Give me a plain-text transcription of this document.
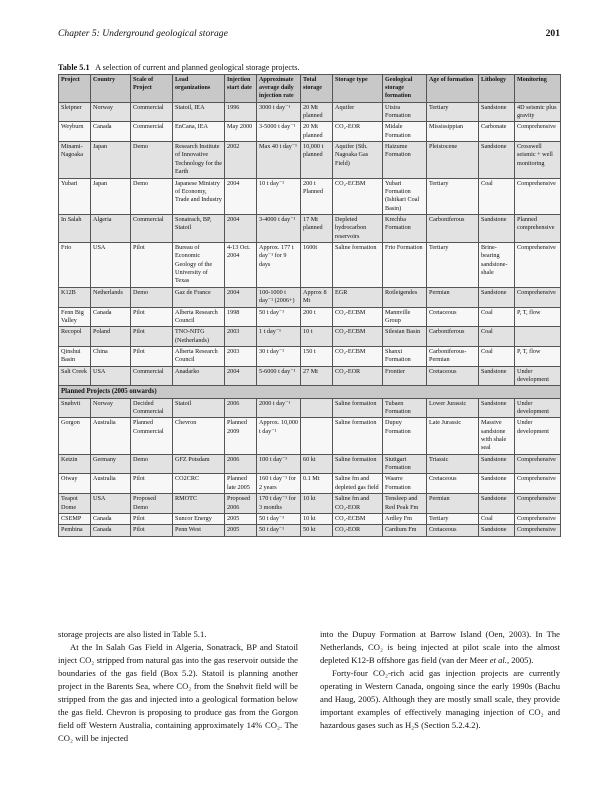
Chapter 5: Underground geological storage	201
Table 5.1 A selection of current and planned geological storage projects.
Project	Country	Scale of Project	Lead organizations	Injection start date	Approximate average daily injection rate	Total storage	Storage type	Geological storage formation	Age of formation	Lithology	Monitoring
Sleipner	Norway	Commercial	Statoil, IEA	1996	3000 t day⁻¹	20 Mt planned	Aquifer	Utsira Formation	Tertiary	Sandstone	4D seismic plus gravity
Weyburn	Canada	Commercial	EnCana, IEA	May 2000	3-5000 t day⁻¹	20 Mt planned	CO₂-EOR	Midale Formation	Mississippian	Carbonate	Comprehensive
Minami-Nagoaka	Japan	Demo	Research Institute of Innovative Technology for the Earth	2002	Max 40 t day⁻¹	10,000 t planned	Aquifer (Sth. Nagoaka Gas Field)	Haizume Formation	Pleistocene	Sandstone	Crosswell seismic + well monitoring
Yubari	Japan	Demo	Japanese Ministry of Economy, Trade and Industry	2004	10 t day⁻¹	200 t Planned	CO₂-ECBM	Yubari Formation (Ishikari Coal Basin)	Tertiary	Coal	Comprehensive
In Salah	Algeria	Commercial	Sonatrach, BP, Statoil	2004	3-4000 t day⁻¹	17 Mt planned	Depleted hydrocarbon reservoirs	Krechba Formation	Carboniferous	Sandstone	Planned comprehensive
Frio	USA	Pilot	Bureau of Economic Geology of the University of Texas	4-13 Oct. 2004	Approx. 177 t day⁻¹ for 9 days	1600t	Saline formation	Frio Formation	Tertiary	Brine-bearing sandstone-shale	Comprehensive
K12B	Netherlands	Demo	Gaz de France	2004	100-1000 t day⁻¹ (2006+)	Approx 8 Mt	EGR	Rotleigendes	Permian	Sandstone	Comprehensive
Fenn Big Valley	Canada	Pilot	Alberta Research Council	1998	50 t day⁻¹	200 t	CO₂-ECBM	Mannville Group	Cretaceous	Coal	P, T, flow
Recopol	Poland	Pilot	TNO-NITG (Netherlands)	2003	1 t day⁻¹	10 t	CO₂-ECBM	Silesian Basin	Carboniferous	Coal	
Qinshui Basin	China	Pilot	Alberta Research Council	2003	30 t day⁻¹	150 t	CO₂-ECBM	Shanxi Formation	Carboniferous-Permian	Coal	P, T, flow
Salt Creek	USA	Commercial	Anadarko	2004	5-6000 t day⁻¹	27 Mt	CO₂-EOR	Frontier	Cretaceous	Sandstone	Under development
Planned Projects (2005 onwards)											
Snøhvit	Norway	Decided Commercial	Statoil	2006	2000 t day⁻¹		Saline formation	Tubaen Formation	Lower Jurassic	Sandstone	Under development
Gorgon	Australia	Planned Commercial	Chevron	Planned 2009	Approx. 10,000 t day⁻¹		Saline formation	Dupuy Formation	Late Jurassic	Massive sandstone with shale seal	Under development
Ketzin	Germany	Demo	GFZ Potsdam	2006	100 t day⁻¹	60 kt	Saline formation	Stuttgart Formation	Triassic	Sandstone	Comprehensive
Otway	Australia	Pilot	CO2CRC	Planned late 2005	160 t day⁻¹ for 2 years	0.1 Mt	Saline fm and depleted gas field	Waarre Formation	Cretaceous	Sandstone	Comprehensive
Teapot Dome	USA	Proposed Demo	RMOTC	Proposed 2006	170 t day⁻¹ for 3 months	10 kt	Saline fm and CO₂-EOR	Tensleep and Red Peak Fm	Permian	Sandstone	Comprehensive
CSEMP	Canada	Pilot	Suncor Energy	2005	50 t day⁻¹	10 kt	CO₂-ECBM	Ardley Fm	Tertiary	Coal	Comprehensive
Pembina	Canada	Pilot	Penn West	2005	50 t day⁻¹	50 kt	CO₂-EOR	Cardium Fm	Cretaceous	Sandstone	Comprehensive

storage projects are also listed in Table 5.1.

At the In Salah Gas Field in Algeria, Sonatrack, BP and Statoil inject CO₂ stripped from natural gas into the gas reservoir outside the boundaries of the gas field (Box 5.2). Statoil is planning another project in the Barents Sea, where CO₂ from the Snøhvit field will be stripped from the gas and injected into a geological formation below the gas field. Chevron is proposing to produce gas from the Gorgon field off Western Australia, containing approximately 14% CO₂. The CO₂ will be injected

into the Dupuy Formation at Barrow Island (Oen, 2003). In The Netherlands, CO₂ is being injected at pilot scale into the almost depleted K12-B offshore gas field (van der Meer et al., 2005).

Forty-four CO₂-rich acid gas injection projects are currently operating in Western Canada, ongoing since the early 1990s (Bachu and Haug, 2005). Although they are mostly small scale, they provide important examples of effectively managing injection of CO₂ and hazardous gases such as H₂S (Section 5.2.4.2).
